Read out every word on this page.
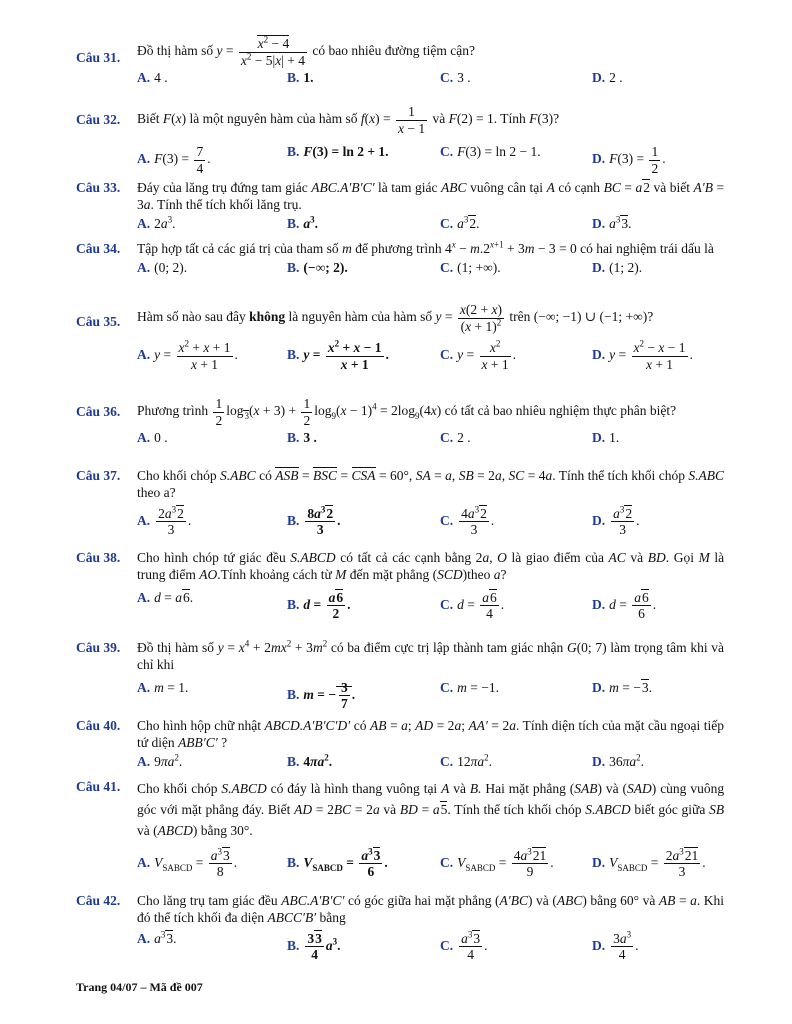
Câu 31. Đồ thị hàm số $y = \frac{x^2 - 4}{x^2 - 5|x| + 4}$ có bao nhiêu đường tiệm cận?
A. 4 .	B. 1.	C. 3 .	D. 2 .
Câu 32. Biết F(x) là một nguyên hàm của hàm số $f(x) = \frac{1}{x - 1}$ và F(2) = 1. Tính F(3)?
A. $F(3) = \frac{7}{4}$ .	B. F(3) = ln 2 + 1.	C. F(3) = ln 2 − 1.	D. $F(3) = \frac{1}{2}$ .
Câu 33. Đáy của lăng trụ đứng tam giác ABC.A′B′C′ là tam giác ABC vuông cân tại A có cạnh BC = a2 và biết A′B = 3a. Tính thể tích khối lăng trụ.
A. $2a^3$.	B. $a^3$.	C. $a^32$.	D. $a^33$.
Câu 34. Tập hợp tất cả các giá trị của tham số m để phương trình $4^x - m.2^{x+1} + 3m - 3 = 0$ có hai nghiệm trái dấu là
A. (0; 2).	B. (−∞; 2).	C. (1; +∞).	D. (1; 2).
Câu 35. Hàm số nào sau đây không là nguyên hàm của hàm số $y = \frac{x(2 + x)}{(x + 1)^2}$ trên (−∞; −1) ∪ (−1; +∞)?
A. $y = \frac{x^2 + x + 1}{x + 1}$ .	B. $y = \frac{x^2 + x - 1}{x + 1}$ .	C. $y = \frac{x^2}{x + 1}$ .	D. $y = \frac{x^2 - x - 1}{x + 1}$ .
Câu 36. Phương trình $\frac{1}{2} \log_3(x + 3) + \frac{1}{2} \log_9(x - 1)^4 = 2\log_9(4x)$ có tất cả bao nhiêu nghiệm thực phân biệt?
A. 0 .	B. 3 .	C. 2 .	D. 1.
Câu 37. Cho khối chóp S.ABC có ASB = BSC = CSA = 60°, SA = a, SB = 2a, SC = 4a. Tính thể tích khối chóp S.ABC theo a?
A. $\frac{2a^32}{3}$ .	B. $\frac{8a^32}{3}$ .	C. $\frac{4a^32}{3}$ .	D. $\frac{a^32}{3}$ .
Câu 38. Cho hình chóp tứ giác đều S.ABCD có tất cả các cạnh bằng 2a, O là giao điểm của AC và BD. Gọi M là trung điểm AO.Tính khoảng cách từ M đến mặt phẳng (SCD)theo a?
A. d = a6.	B. $d = \frac{a6}{2}$ .	C. $d = \frac{a6}{4}$ .	D. $d = \frac{a6}{6}$ .
Câu 39. Đồ thị hàm số $y = x^4 + 2mx^2 + 3m^2$ có ba điểm cực trị lập thành tam giác nhận G(0; 7) làm trọng tâm khi và chỉ khi
A. m = 1.	B. m = − $\frac{3}{7}$ .	C. m = −1.	D. m = −3.
Câu 40. Cho hình hộp chữ nhật ABCD.A′B′C′D′ có AB = a; AD = 2a; AA′ = 2a. Tính diện tích của mặt cầu ngoại tiếp tứ diện ABB′C′ ?
A. $9\pi a^2$.	B. $4\pi a^2$.	C. $12\pi a^2$.	D. $36\pi a^2$.
Câu 41. Cho khối chóp S.ABCD có đáy là hình thang vuông tại A và B. Hai mặt phẳng (SAB) và (SAD) cùng vuông góc với mặt phẳng đáy. Biết AD = 2BC = 2a và BD = a5. Tính thể tích khối chóp S.ABCD biết góc giữa SB và (ABCD) bằng 30°.
A. $V_{SABCD} = \frac{a^33}{8}$ .	B. $V_{SABCD} = \frac{a^33}{6}$ .	C. $V_{SABCD} = \frac{4a^321}{9}$ .	D. $V_{SABCD} = \frac{2a^321}{3}$ .
Câu 42. Cho lăng trụ tam giác đều ABC.A′B′C′ có góc giữa hai mặt phẳng (A′BC) và (ABC) bằng 60° và AB = a. Khi đó thể tích khối đa diện ABCC′B′ bằng
A. $a^33$.	B. $\frac{33}{4} a^3$.	C. $\frac{a^33}{4}$ .	D. $\frac{3a^3}{4}$ .
Trang 04/07 – Mã đề 007
